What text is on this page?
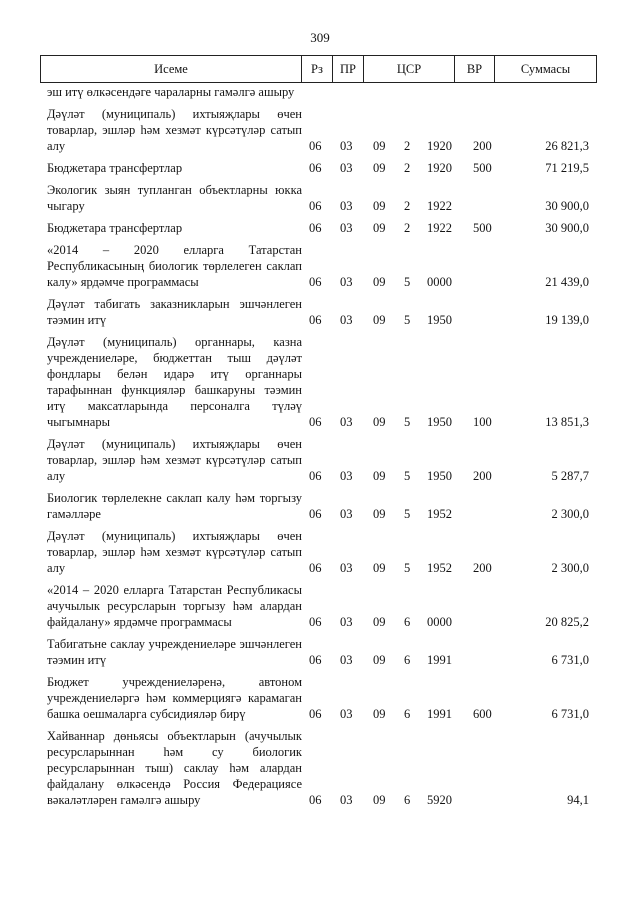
309
Исеме	Рз	ПР	ЦСР	ВР	Суммасы
эш итү өлкәсендәге чараларны гамәлгә ашыру
Дәүләт (муниципаль) ихтыяҗлары өчен товарлар, эшләр һәм хезмәт күрсәтүләр сатып алу	06 03 09 2 1920 200	26 821,3
Бюджетара трансфертлар	06 03 09 2 1920 500	71 219,5
Экологик зыян тупланган объектларны юкка чыгару	06 03 09 2 1922	30 900,0
Бюджетара трансфертлар	06 03 09 2 1922 500	30 900,0
«2014 – 2020 елларга Татарстан Республикасының биологик төрлелеген саклап калу» ярдәмче программасы	06 03 09 5 0000	21 439,0
Дәүләт табигать заказникларын эшчәнлеген тәэмин итү	06 03 09 5 1950	19 139,0
Дәүләт (муниципаль) органнары, казна учреждениеләре, бюджеттан тыш дәүләт фондлары белән идарә итү органнары тарафыннан функцияләр башкаруны тәэмин итү максатларында персоналга түләү чыгымнары	06 03 09 5 1950 100	13 851,3
Дәүләт (муниципаль) ихтыяҗлары өчен товарлар, эшләр һәм хезмәт күрсәтүләр сатып алу	06 03 09 5 1950 200	5 287,7
Биологик төрлелекне саклап калу һәм торгызу гамәлләре	06 03 09 5 1952	2 300,0
Дәүләт (муниципаль) ихтыяҗлары өчен товарлар, эшләр һәм хезмәт күрсәтүләр сатып алу	06 03 09 5 1952 200	2 300,0
«2014 – 2020 елларга Татарстан Республикасы ачучылык ресурсларын торгызу һәм алардан файдалану» ярдәмче программасы	06 03 09 6 0000	20 825,2
Табигатьне саклау учреждениеләре эшчәнлеген тәэмин итү	06 03 09 6 1991	6 731,0
Бюджет учреждениеләренә, автоном учреждениеләргә һәм коммерциягә карамаган башка оешмаларга субсидияләр бирү	06 03 09 6 1991 600	6 731,0
Хайваннар дөньясы объектларын (ачучылык ресурсларыннан һәм су биологик ресурсларыннан тыш) саклау һәм алардан файдалану өлкәсендә Россия Федерациясе вәкаләтләрен гамәлгә ашыру	06 03 09 6 5920	94,1
